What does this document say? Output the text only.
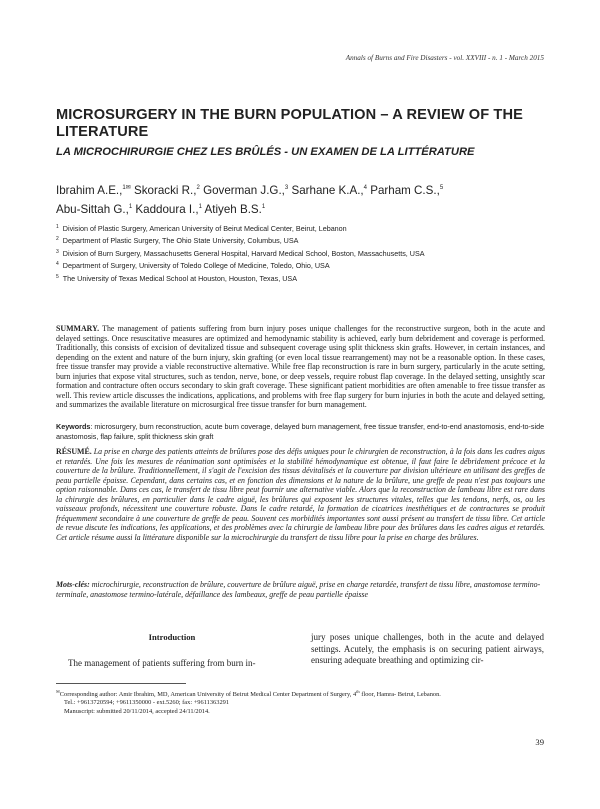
Annals of Burns and Fire Disasters - vol. XXVIII - n. 1 - March 2015
MICROSURGERY IN THE BURN POPULATION – A REVIEW OF THE LITERATURE
LA MICROCHIRURGIE CHEZ LES BRÛLÉS - UN EXAMEN DE LA LITTÉRATURE
Ibrahim A.E.,$^{1✉}$ Skoracki R.,$^2$ Goverman J.G.,$^3$ Sarhane K.A.,$^4$ Parham C.S.,$^5$
Abu-Sittah G.,$^1$ Kaddoura I.,$^1$ Atiyeh B.S.$^1$
$^1$ Division of Plastic Surgery, American University of Beirut Medical Center, Beirut, Lebanon
$^2$ Department of Plastic Surgery, The Ohio State University, Columbus, USA
$^3$ Division of Burn Surgery, Massachusetts General Hospital, Harvard Medical School, Boston, Massachusetts, USA
$^4$ Department of Surgery, University of Toledo College of Medicine, Toledo, Ohio, USA
$^5$ The University of Texas Medical School at Houston, Houston, Texas, USA
SUMMARY. The management of patients suffering from burn injury poses unique challenges for the reconstructive surgeon, both in the acute and delayed settings. Once resuscitative measures are optimized and hemodynamic stability is achieved, early burn debridement and coverage is performed. Traditionally, this consists of excision of devitalized tissue and subsequent coverage using split thickness skin grafts. However, in certain instances, and depending on the extent and nature of the burn injury, skin grafting (or even local tissue rearrangement) may not be a reasonable option. In these cases, free tissue transfer may provide a viable reconstructive alternative. While free flap reconstruction is rare in burn surgery, particularly in the acute setting, burn injuries that expose vital structures, such as tendon, nerve, bone, or deep vessels, require robust flap coverage. In the delayed setting, unsightly scar formation and contracture often occurs secondary to skin graft coverage. These significant patient morbidities are often amenable to free tissue transfer as well. This review article discusses the indications, applications, and problems with free flap surgery for burn injuries in both the acute and delayed setting, and summarizes the available literature on microsurgical free tissue transfer for burn management.
Keywords: microsurgery, burn reconstruction, acute burn coverage, delayed burn management, free tissue transfer, end-to-end anastomosis, end-to-side anastomosis, flap failure, split thickness skin graft
RÉSUMÉ. La prise en charge des patients atteints de brûlures pose des défis uniques pour le chirurgien de reconstruction, à la fois dans les cadres aigus et retardés. Une fois les mesures de réanimation sont optimisées et la stabilité hémodynamique est obtenue, il faut faire le débridement précoce et la couverture de la brûlure. Traditionnellement, il s'agit de l'excision des tissus dévitalisés et la couverture par division ultérieure en utilisant des greffes de peau partielle épaisse. Cependant, dans certains cas, et en fonction des dimensions et la nature de la brûlure, une greffe de peau n'est pas toujours une option raisonnable. Dans ces cas, le transfert de tissu libre peut fournir une alternative viable. Alors que la reconstruction de lambeau libre est rare dans la chirurgie des brûlures, en particulier dans le cadre aiguë, les brûlures qui exposent les structures vitales, telles que les tendons, nerfs, os, ou les vaisseaux profonds, nécessitent une couverture robuste. Dans le cadre retardé, la formation de cicatrices inesthétiques et de contractures se produit fréquemment secondaire à une couverture de greffe de peau. Souvent ces morbidités importantes sont aussi présent au transfert de tissu libre. Cet article de revue discute les indications, les applications, et des problèmes avec la chirurgie de lambeau libre pour des brûlures dans les cadres aigus et retardés. Cet article résume aussi la littérature disponible sur la microchirurgie du transfert de tissu libre pour la prise en charge des brûlures.
Mots-clés: microchirurgie, reconstruction de brûlure, couverture de brûlure aiguë, prise en charge retardée, transfert de tissu libre, anastomose termino-terminale, anastomose termino-latérale, défaillance des lambeaux, greffe de peau partielle épaisse
Introduction

The management of patients suffering from burn in-

jury poses unique challenges, both in the acute and delayed settings. Acutely, the emphasis is on securing patient airways, ensuring adequate breathing and optimizing cir-

✉Corresponding author: Amir Ibrahim, MD, American University of Beirut Medical Center Department of Surgery, 4th floor, Hamra- Beirut, Lebanon.
Tel.: +9613720594; +9611350000 - ext.5260; fax: +9611363291
Manuscript: submitted 20/11/2014, accepted 24/11/2014.
39
